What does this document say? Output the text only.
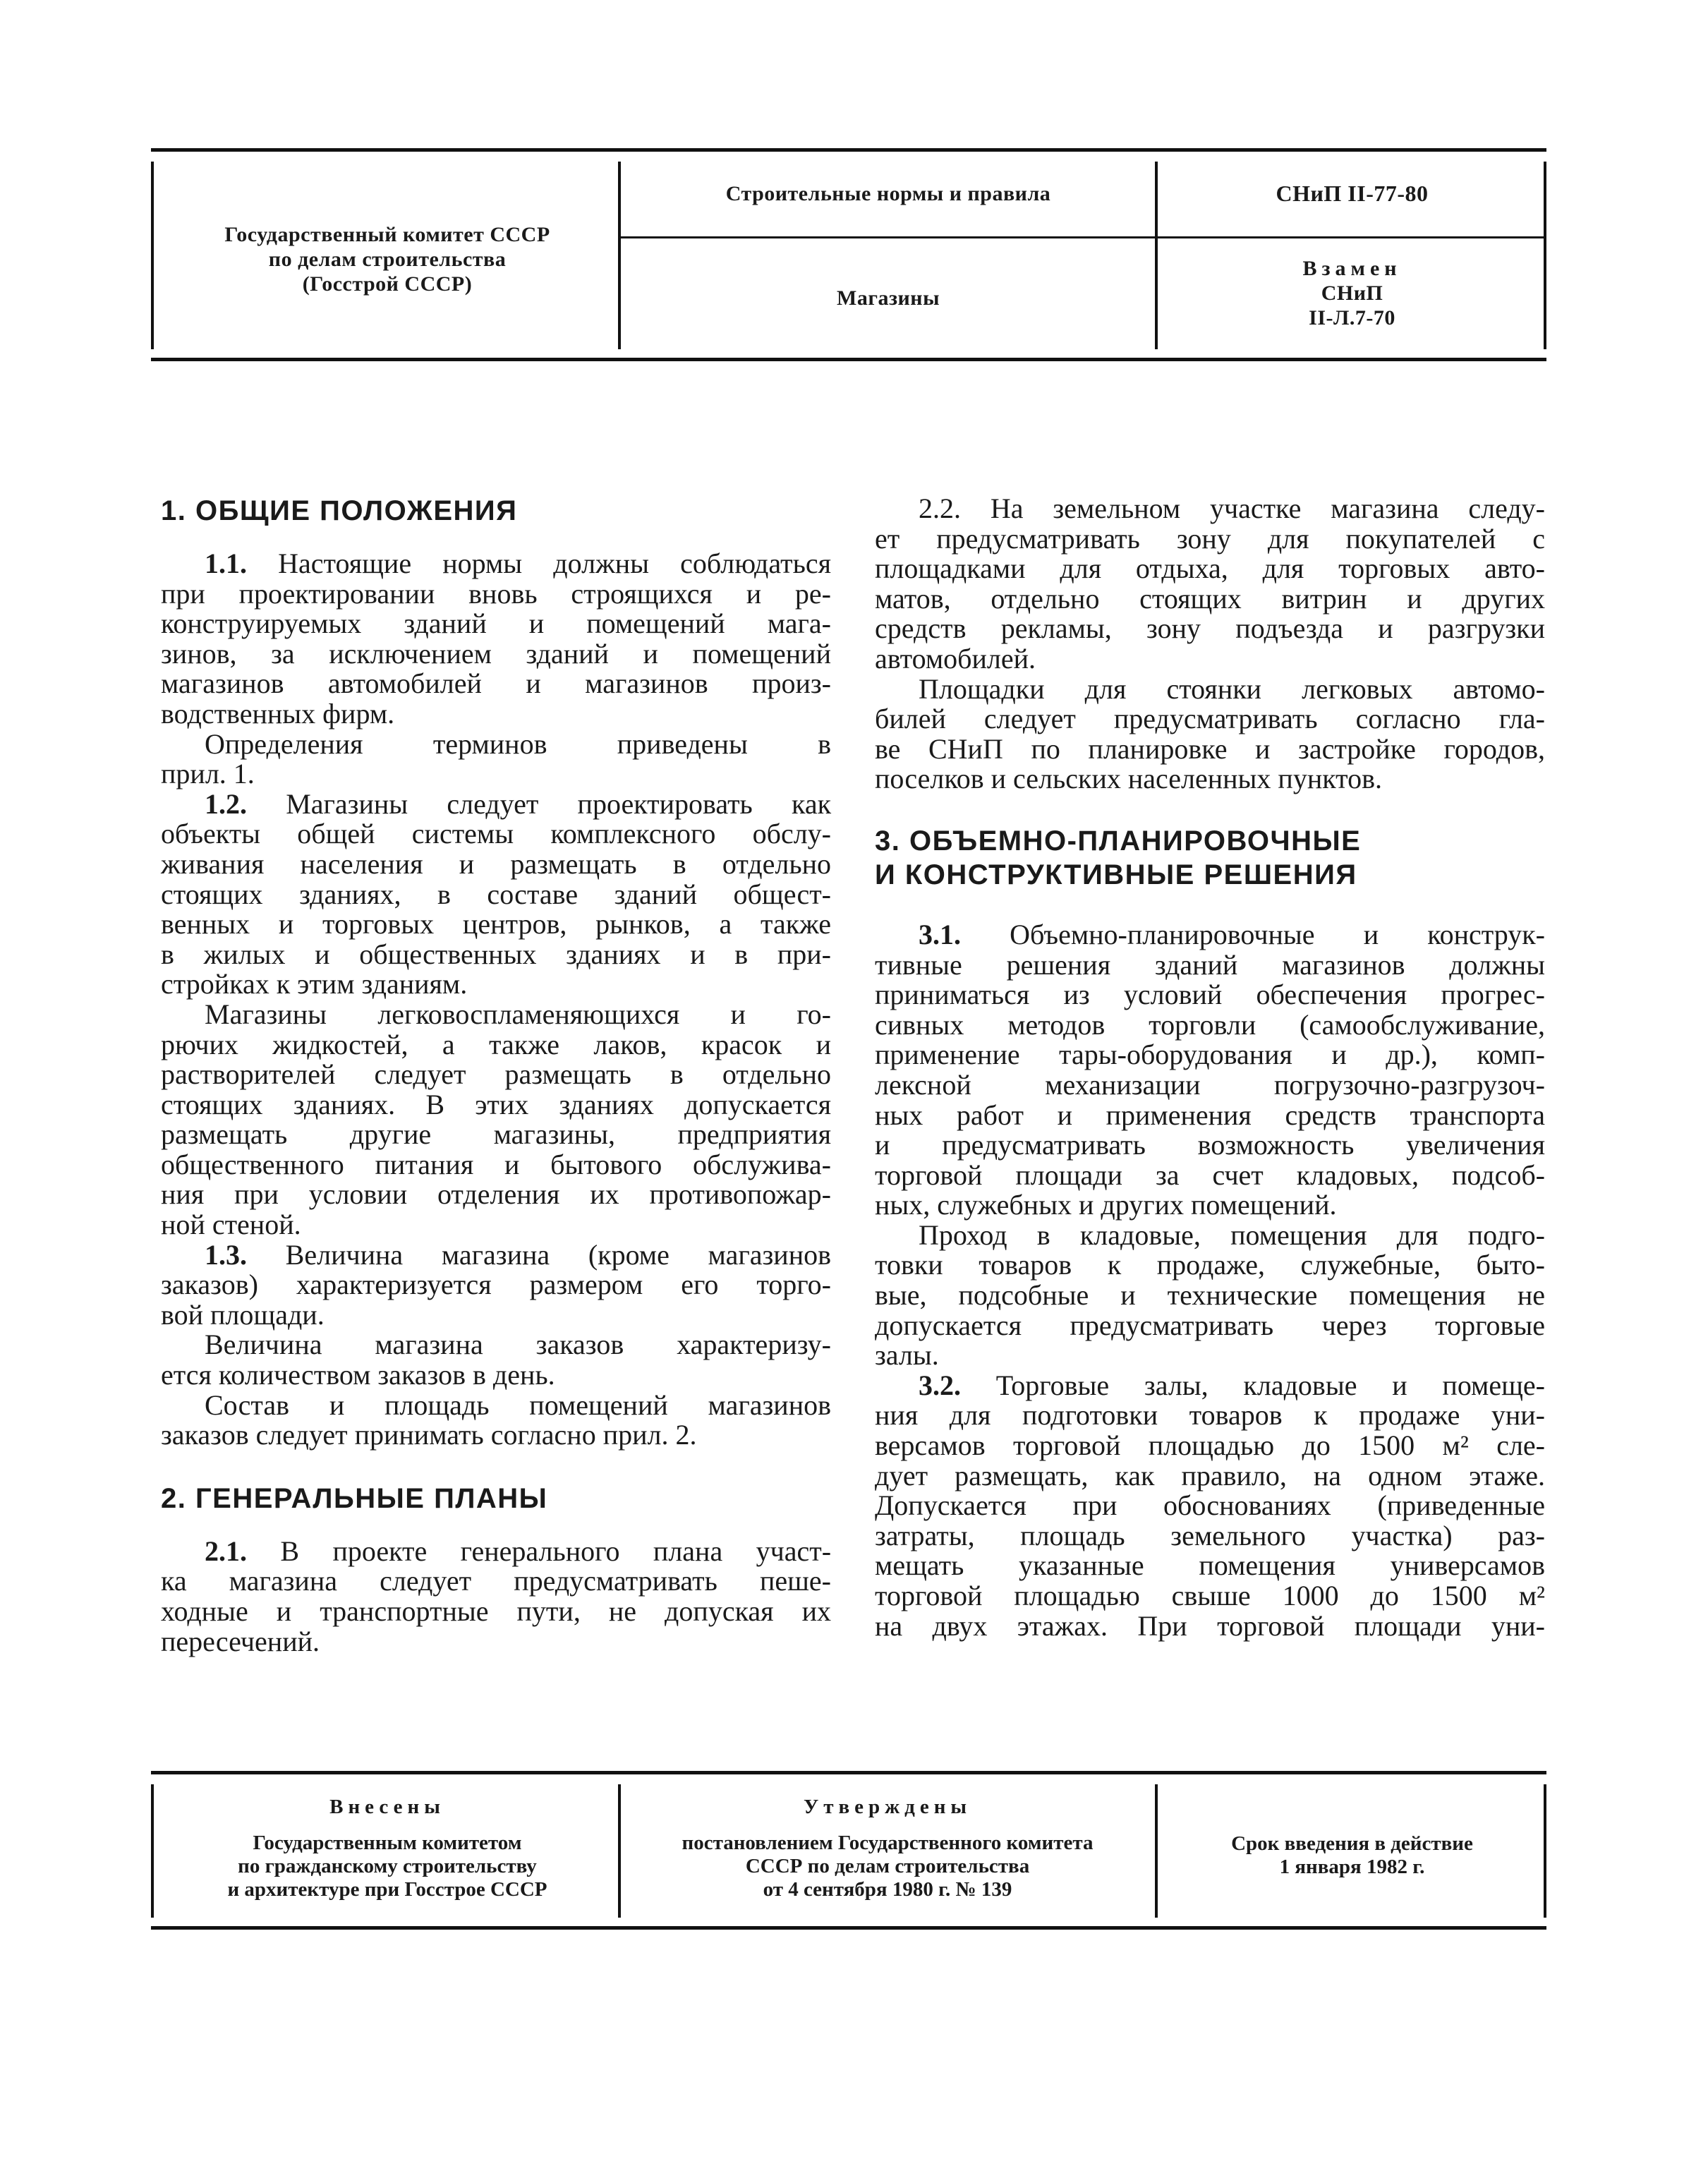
Государственный комитет СССР
по делам строительства
(Госстрой СССР)
Строительные нормы и правила	СНиП II-77-80
Магазины
Взамен
СНиП
II-Л.7-70
1. ОБЩИЕ ПОЛОЖЕНИЯ
1.1. Настоящие нормы должны соблюдаться
при проектировании вновь строящихся и ре-
конструируемых зданий и помещений мага-
зинов, за исключением зданий и помещений
магазинов автомобилей и магазинов произ-
водственных фирм.
Определения терминов приведены в
прил. 1.
1.2. Магазины следует проектировать как
объекты общей системы комплексного обслу-
живания населения и размещать в отдельно
стоящих зданиях, в составе зданий общест-
венных и торговых центров, рынков, а также
в жилых и общественных зданиях и в при-
стройках к этим зданиям.
Магазины легковоспламеняющихся и го-
рючих жидкостей, а также лаков, красок и
растворителей следует размещать в отдельно
стоящих зданиях. В этих зданиях допускается
размещать другие магазины, предприятия
общественного питания и бытового обслужива-
ния при условии отделения их противопожар-
ной стеной.
1.3. Величина магазина (кроме магазинов
заказов) характеризуется размером его торго-
вой площади.
Величина магазина заказов характеризу-
ется количеством заказов в день.
Состав и площадь помещений магазинов
заказов следует принимать согласно прил. 2.
2. ГЕНЕРАЛЬНЫЕ ПЛАНЫ
2.1. В проекте генерального плана участ-
ка магазина следует предусматривать пеше-
ходные и транспортные пути, не допуская их
пересечений.
2.2. На земельном участке магазина следу-
ет предусматривать зону для покупателей с
площадками для отдыха, для торговых авто-
матов, отдельно стоящих витрин и других
средств рекламы, зону подъезда и разгрузки
автомобилей.
Площадки для стоянки легковых автомо-
билей следует предусматривать согласно гла-
ве СНиП по планировке и застройке городов,
поселков и сельских населенных пунктов.
3. ОБЪЕМНО-ПЛАНИРОВОЧНЫЕ
И КОНСТРУКТИВНЫЕ РЕШЕНИЯ
3.1. Объемно-планировочные и конструк-
тивные решения зданий магазинов должны
приниматься из условий обеспечения прогрес-
сивных методов торговли (самообслуживание,
применение тары-оборудования и др.), комп-
лексной механизации погрузочно-разгрузоч-
ных работ и применения средств транспорта
и предусматривать возможность увеличения
торговой площади за счет кладовых, подсоб-
ных, служебных и других помещений.
Проход в кладовые, помещения для подго-
товки товаров к продаже, служебные, быто-
вые, подсобные и технические помещения не
допускается предусматривать через торговые
залы.
3.2. Торговые залы, кладовые и помеще-
ния для подготовки товаров к продаже уни-
версамов торговой площадью до 1500 м² сле-
дует размещать, как правило, на одном этаже.
Допускается при обоснованиях (приведенные
затраты, площадь земельного участка) раз-
мещать указанные помещения универсамов
торговой площадью свыше 1000 до 1500 м²
на двух этажах. При торговой площади уни-
Внесены
Государственным комитетом
по гражданскому строительству
и архитектуре при Госстрое СССР
Утверждены
постановлением Государственного комитета
СССР по делам строительства
от 4 сентября 1980 г. № 139
Срок введения в действие
1 января 1982 г.
